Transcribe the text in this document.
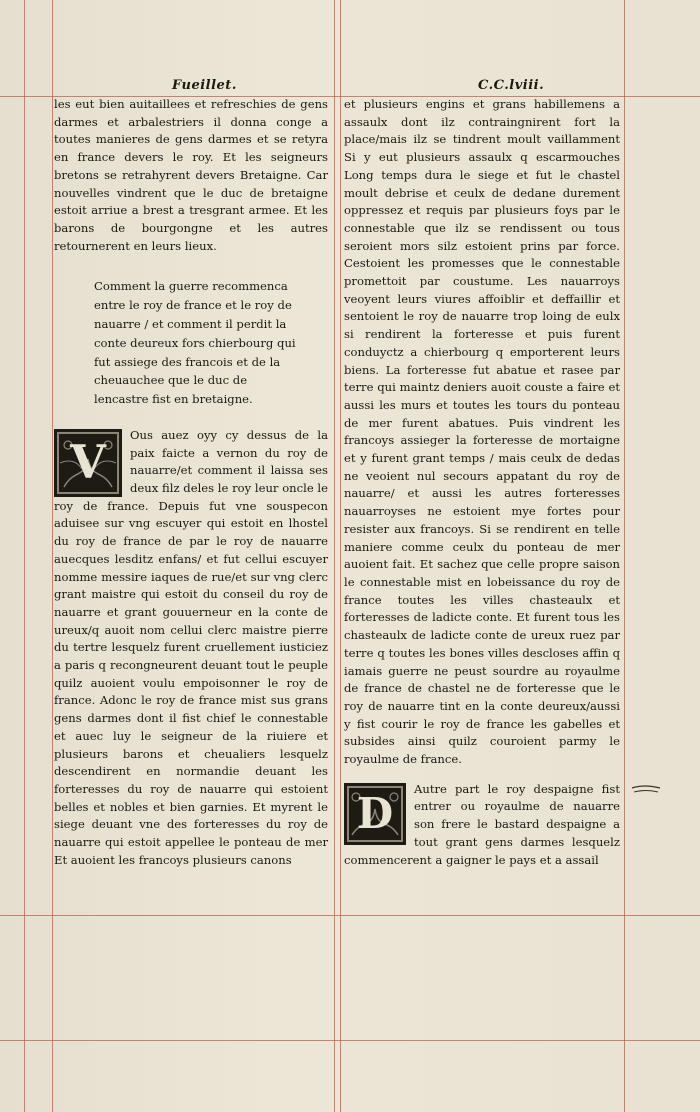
Fueillet.	C.C.lviii.

les eut bien auitaillees et refreschies de gens darmes et arbalestriers il donna conge a toutes manieres de gens darmes et se retyra en france devers le roy. Et les seigneurs bretons se retrahyrent devers Bretaigne. Car nouvelles vindrent que le duc de bretaigne estoit arriue a brest a tresgrant armee. Et les barons de bourgongne et les autres retournerent en leurs lieux.

Comment la guerre recommenca entre le roy de france et le roy de nauarre / et comment il perdit la conte deureux fors chierbourg qui fut assiege des francois et de la cheuauchee que le duc de lencastre fist en bretaigne.

V

Ous auez oyy cy dessus de la paix faicte a vernon du roy de nauarre/et comment il laissa ses deux filz deles le roy leur oncle le roy de france. Depuis fut vne souspecon aduisee sur vng escuyer qui estoit en lhostel du roy de france de par le roy de nauarre auecques lesditz enfans/ et fut cellui escuyer nomme messire iaques de rue/et sur vng clerc grant maistre qui estoit du conseil du roy de nauarre et grant gouuerneur en la conte de ureux/q auoit nom cellui clerc maistre pierre du tertre lesquelz furent cruellement iusticiez a paris q recongneurent deuant tout le peuple quilz auoient voulu empoisonner le roy de france. Adonc le roy de france mist sus grans gens darmes dont il fist chief le connestable et auec luy le seigneur de la riuiere et plusieurs barons et cheualiers lesquelz descendirent en normandie deuant les forteresses du roy de nauarre qui estoient belles et nobles et bien garnies. Et myrent le siege deuant vne des forteresses du roy de nauarre qui estoit appellee le ponteau de mer Et auoient les francoys plusieurs canons

et plusieurs engins et grans habillemens a assaulx dont ilz contraingnirent fort la place/mais ilz se tindrent moult vaillamment Si y eut plusieurs assaulx q escarmouches Long temps dura le siege et fut le chastel moult debrise et ceulx de dedane durement oppressez et requis par plusieurs foys par le connestable que ilz se rendissent ou tous seroient mors silz estoient prins par force. Cestoient les promesses que le connestable promettoit par coustume. Les nauarroys veoyent leurs viures affoiblir et deffaillir et sentoient le roy de nauarre trop loing de eulx si rendirent la forteresse et puis furent conduyctz a chierbourg q emporterent leurs biens. La forteresse fut abatue et rasee par terre qui maintz deniers auoit couste a faire et aussi les murs et toutes les tours du ponteau de mer furent abatues. Puis vindrent les francoys assieger la forteresse de mortaigne et y furent grant temps / mais ceulx de dedas ne veoient nul secours appatant du roy de nauarre/ et aussi les autres forteresses nauarroyses ne estoient mye fortes pour resister aux francoys. Si se rendirent en telle maniere comme ceulx du ponteau de mer auoient fait. Et sachez que celle propre saison le connestable mist en lobeissance du roy de france toutes les villes chasteaulx et forteresses de ladicte conte. Et furent tous les chasteaulx de ladicte conte de ureux ruez par terre q toutes les bones villes descloses affin q iamais guerre ne peust sourdre au royaulme de france de chastel ne de forteresse que le roy de nauarre tint en la conte deureux/aussi y fist courir le roy de france les gabelles et subsides ainsi quilz couroient parmy le royaulme de france.

D

Autre part le roy despaigne fist entrer ou royaulme de nauarre son frere le bastard despaigne a tout grant gens darmes lesquelz commencerent a gaigner le pays et a assail
